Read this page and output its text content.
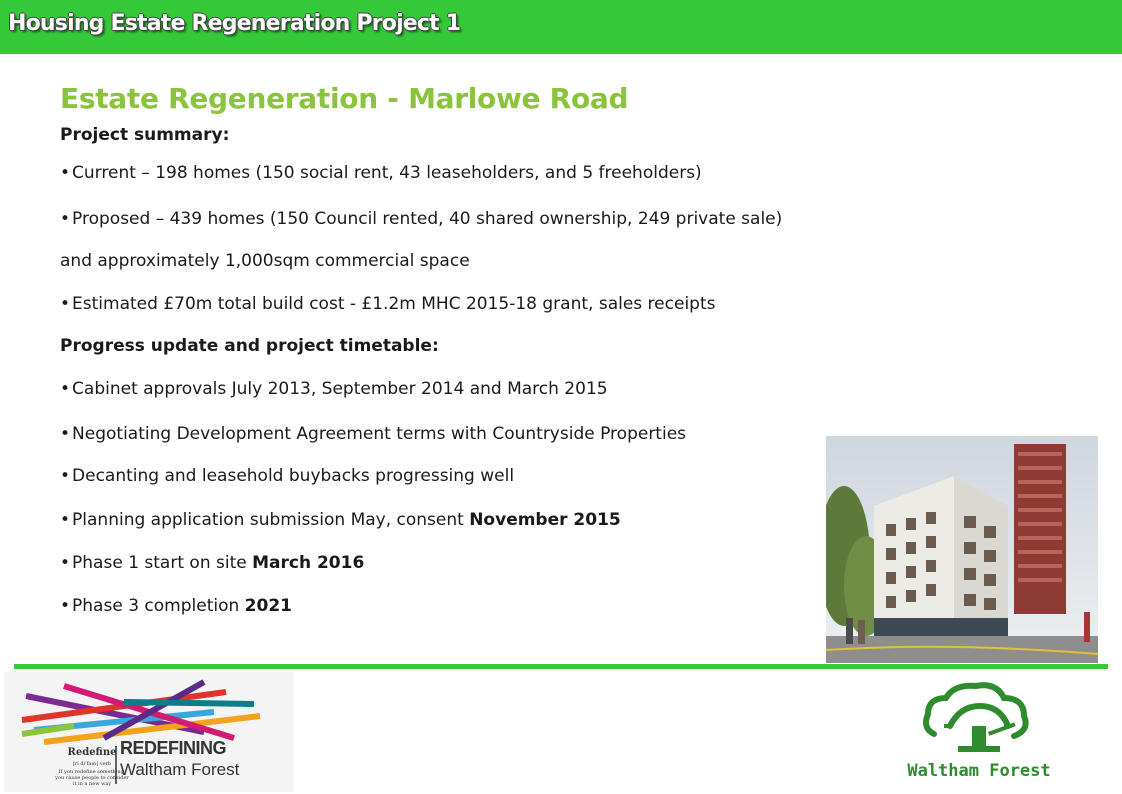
Housing Estate Regeneration Project 1
Estate Regeneration - Marlowe Road
Project summary:
• Current – 198 homes (150 social rent, 43 leaseholders, and 5 freeholders)
• Proposed – 439 homes (150 Council rented, 40 shared ownership, 249 private sale)
and approximately 1,000sqm commercial space
• Estimated £70m total build cost - £1.2m MHC 2015-18 grant, sales receipts
Progress update and project timetable:
• Cabinet approvals July 2013, September 2014 and March 2015
• Negotiating Development Agreement terms with Countryside Properties
• Decanting and leasehold buybacks progressing well
• Planning application submission May, consent November 2015
• Phase 1 start on site March 2016
• Phase 3 completion 2021
Redefine
[ri dɪˈfaɪn] verb
If you redefine something,
you cause people to consider
it in a new way
REDEFINING
Waltham Forest	Waltham Forest
